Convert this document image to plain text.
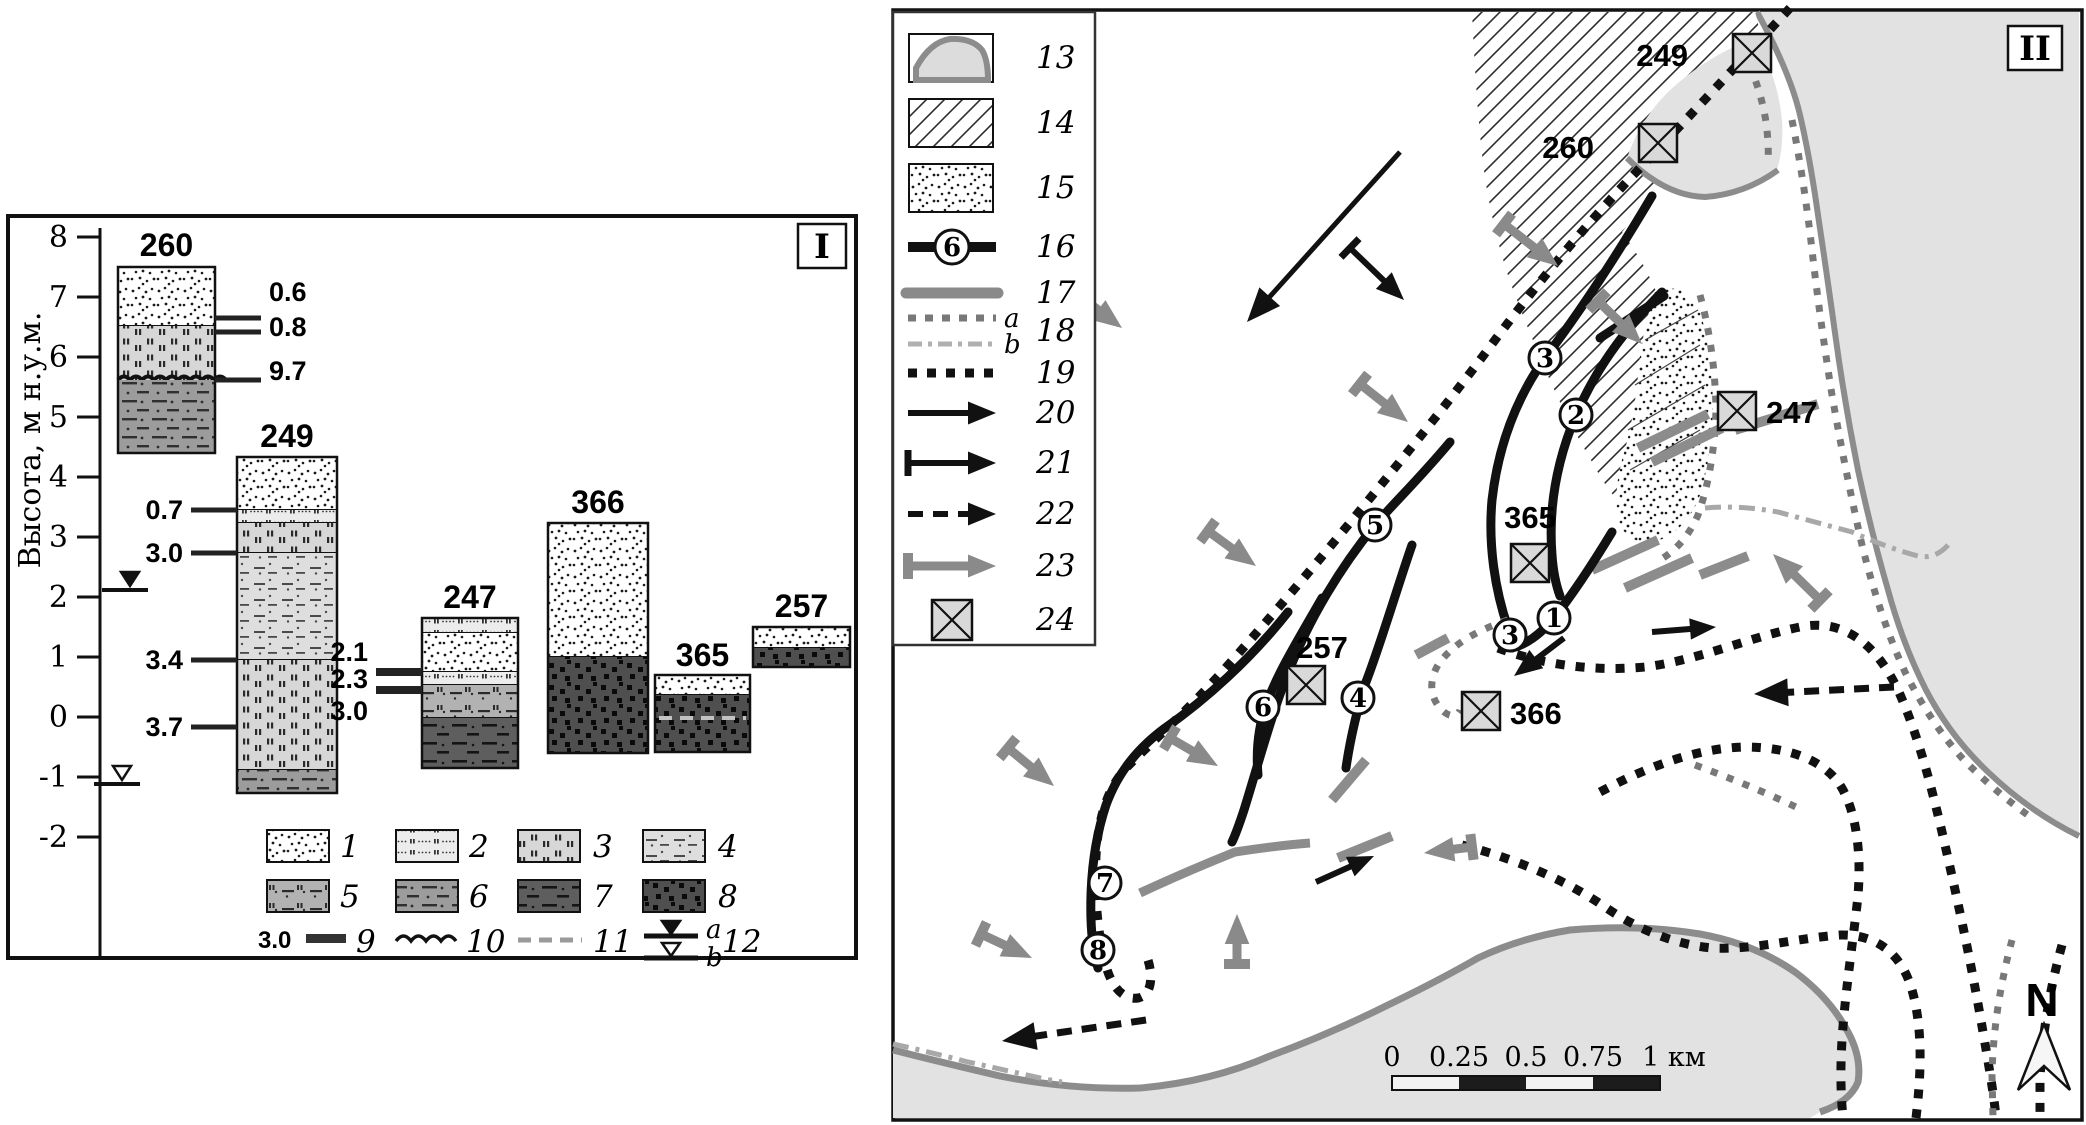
I
Высота, м н.у.м.
8
7
6
5
4
3
2
1
0
-1
-2
260
0.6
0.8
9.7
249
0.7
3.0
3.4
3.7
247
2.1
2.3
3.0
366
365
257
1	2	3	4
5	6	7	8
3.0 9	10	11	a
b 12
249
260
247
365
366
257
1
2
3
3
4
5
6
7
8
13
14
15
6 16
17
a
b 18
19
20
21
22
23
24
0 0.25 0.5 0.75 1 км
N
II
